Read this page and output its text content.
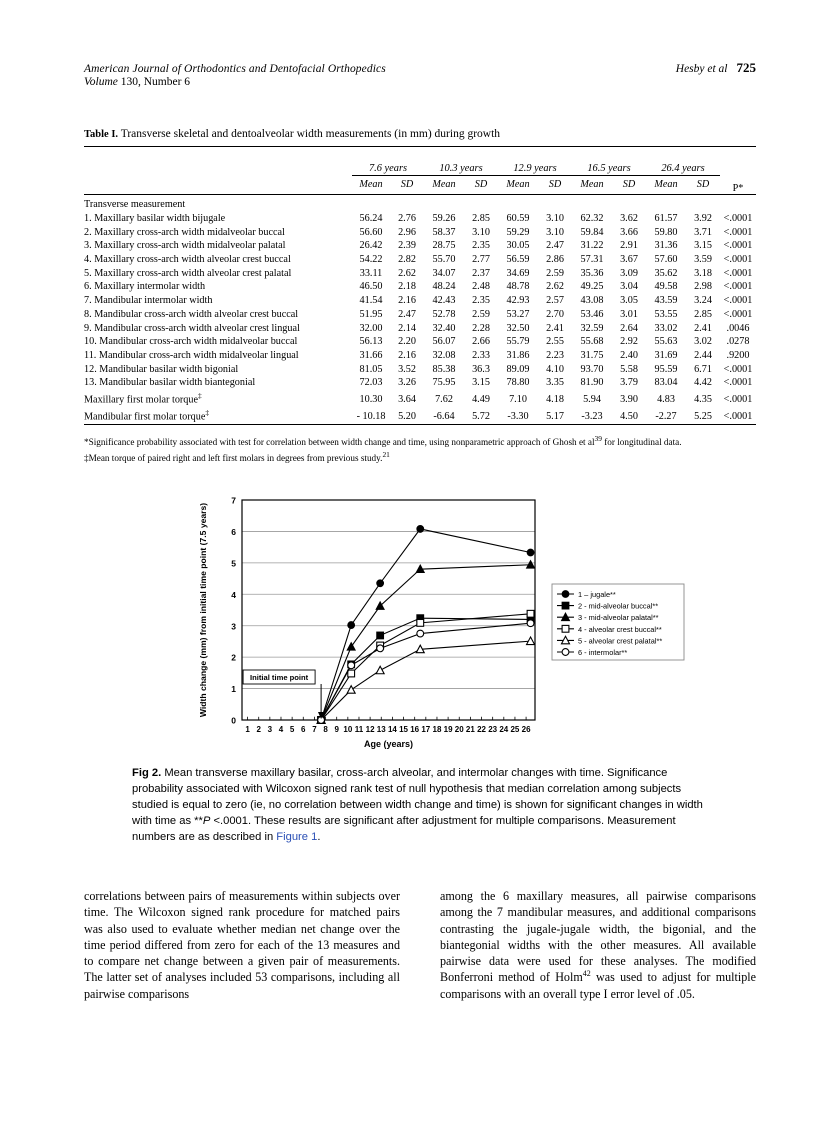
American Journal of Orthodontics and Dentofacial Orthopedics	Hesby et al 725
Volume 130, Number 6
Table I. Transverse skeletal and dentoalveolar width measurements (in mm) during growth

	7.6 years		10.3 years		12.9 years		16.5 years		26.4 years		
	Mean	SD	Mean	SD	Mean	SD	Mean	SD	Mean	SD	P*

Transverse measurement											
1. Maxillary basilar width bijugale	56.24	2.76	59.26	2.85	60.59	3.10	62.32	3.62	61.57	3.92	<.0001
2. Maxillary cross-arch width midalveolar buccal	56.60	2.96	58.37	3.10	59.29	3.10	59.84	3.66	59.80	3.71	<.0001
3. Maxillary cross-arch width midalveolar palatal	26.42	2.39	28.75	2.35	30.05	2.47	31.22	2.91	31.36	3.15	<.0001
4. Maxillary cross-arch width alveolar crest buccal	54.22	2.82	55.70	2.77	56.59	2.86	57.31	3.67	57.60	3.59	<.0001
5. Maxillary cross-arch width alveolar crest palatal	33.11	2.62	34.07	2.37	34.69	2.59	35.36	3.09	35.62	3.18	<.0001
6. Maxillary intermolar width	46.50	2.18	48.24	2.48	48.78	2.62	49.25	3.04	49.58	2.98	<.0001
7. Mandibular intermolar width	41.54	2.16	42.43	2.35	42.93	2.57	43.08	3.05	43.59	3.24	<.0001
8. Mandibular cross-arch width alveolar crest buccal	51.95	2.47	52.78	2.59	53.27	2.70	53.46	3.01	53.55	2.85	<.0001
9. Mandibular cross-arch width alveolar crest lingual	32.00	2.14	32.40	2.28	32.50	2.41	32.59	2.64	33.02	2.41	.0046
10. Mandibular cross-arch width midalveolar buccal	56.13	2.20	56.07	2.66	55.79	2.55	55.68	2.92	55.63	3.02	.0278
11. Mandibular cross-arch width midalveolar lingual	31.66	2.16	32.08	2.33	31.86	2.23	31.75	2.40	31.69	2.44	.9200
12. Mandibular basilar width bigonial	81.05	3.52	85.38	36.3	89.09	4.10	93.70	5.58	95.59	6.71	<.0001
13. Mandibular basilar width biantegonial	72.03	3.26	75.95	3.15	78.80	3.35	81.90	3.79	83.04	4.42	<.0001
Maxillary first molar torque‡	10.30	3.64	7.62	4.49	7.10	4.18	5.94	3.90	4.83	4.35	<.0001
Mandibular first molar torque‡	- 10.18	5.20	-6.64	5.72	-3.30	5.17	-3.23	4.50	-2.27	5.25	<.0001

*Significance probability associated with test for correlation between width change and time, using nonparametric approach of Ghosh et $al^{39}$ for longitudinal data.
‡Mean torque of paired right and left first molars in degrees from previous study.$^{21}$
0
1
2
3
4
5
6
7
1 2 3 4 5 6 7 8 9 10 11 12 13 14 15 16 17 18 19 20 21 22 23 24 25 26
Age (years)
Width change (mm) from initial time point (7.5 years)	Initial time point
1 – jugale**
2 - mid-alveolar buccal**
3 - mid-alveolar palatal**
4 - alveolar crest buccal**
5 - alveolar crest palatal**
6 - intermolar**
Fig 2. Mean transverse maxillary basilar, cross-arch alveolar, and intermolar changes with time. Significance probability associated with Wilcoxon signed rank test of null hypothesis that median correlation among subjects studied is equal to zero (ie, no correlation between width change and time) is shown for significant changes in width with time as **P <.0001. These results are significant after adjustment for multiple comparisons. Measurement numbers are as described in Figure 1.
correlations between pairs of measurements within subjects over time. The Wilcoxon signed rank procedure for matched pairs was also used to evaluate whether median net change over the time period differed from zero for each of the 13 measures and to compare net change between a given pair of measurements. The latter set of analyses included 53 comparisons, including all pairwise comparisons
among the 6 maxillary measures, all pairwise comparisons among the 7 mandibular measures, and additional comparisons contrasting the jugale-jugale width, the bigonial, and the biantegonial widths with the other measures. All available pairwise data were used for these analyses. The modified Bonferroni method of Holm$^{42}$ was used to adjust for multiple comparisons with an overall type I error level of .05.
